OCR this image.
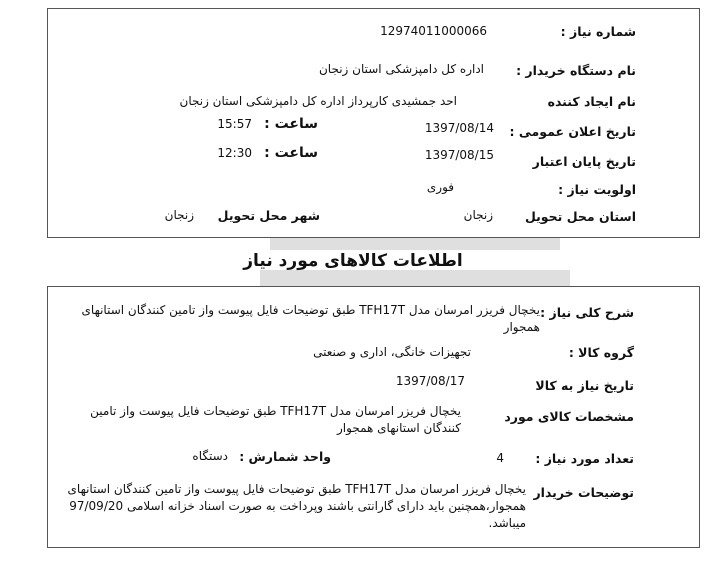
شماره نیاز :
12974011000066
نام دستگاه خریدار :
اداره کل دامپزشکی استان زنجان
نام ایجاد کننده
احد جمشیدی کارپرداز اداره کل دامپزشکی استان زنجان
تاریخ اعلان عمومی :
1397/08/14
ساعت :
15:57
تاریخ پایان اعتبار
1397/08/15
ساعت :
12:30
اولویت نیاز :
فوری
استان محل تحویل
زنجان
شهر محل تحویل
زنجان
اطلاعات کالاهای مورد نیاز
شرح کلی نیاز :
یخچال فریزر امرسان مدل TFH17T طبق توضیحات فایل پیوست واز تامین کنندگان استانهای همجوار
گروه کالا :
تجهیزات خانگی، اداری و صنعتی
تاریخ نیاز به کالا
1397/08/17
مشخصات کالای مورد
یخچال فریزر امرسان مدل TFH17T طبق توضیحات فایل پیوست واز تامین کنندگان استانهای همجوار
تعداد مورد نیاز :
4
واحد شمارش :
دستگاه
توضیحات خریدار
یخچال فریزر امرسان مدل TFH17T طبق توضیحات فایل پیوست واز تامین کنندگان استانهای همجوار،همچنین باید دارای گارانتی باشند وپرداخت به صورت اسناد خزانه اسلامی 97/09/20 میباشد.
